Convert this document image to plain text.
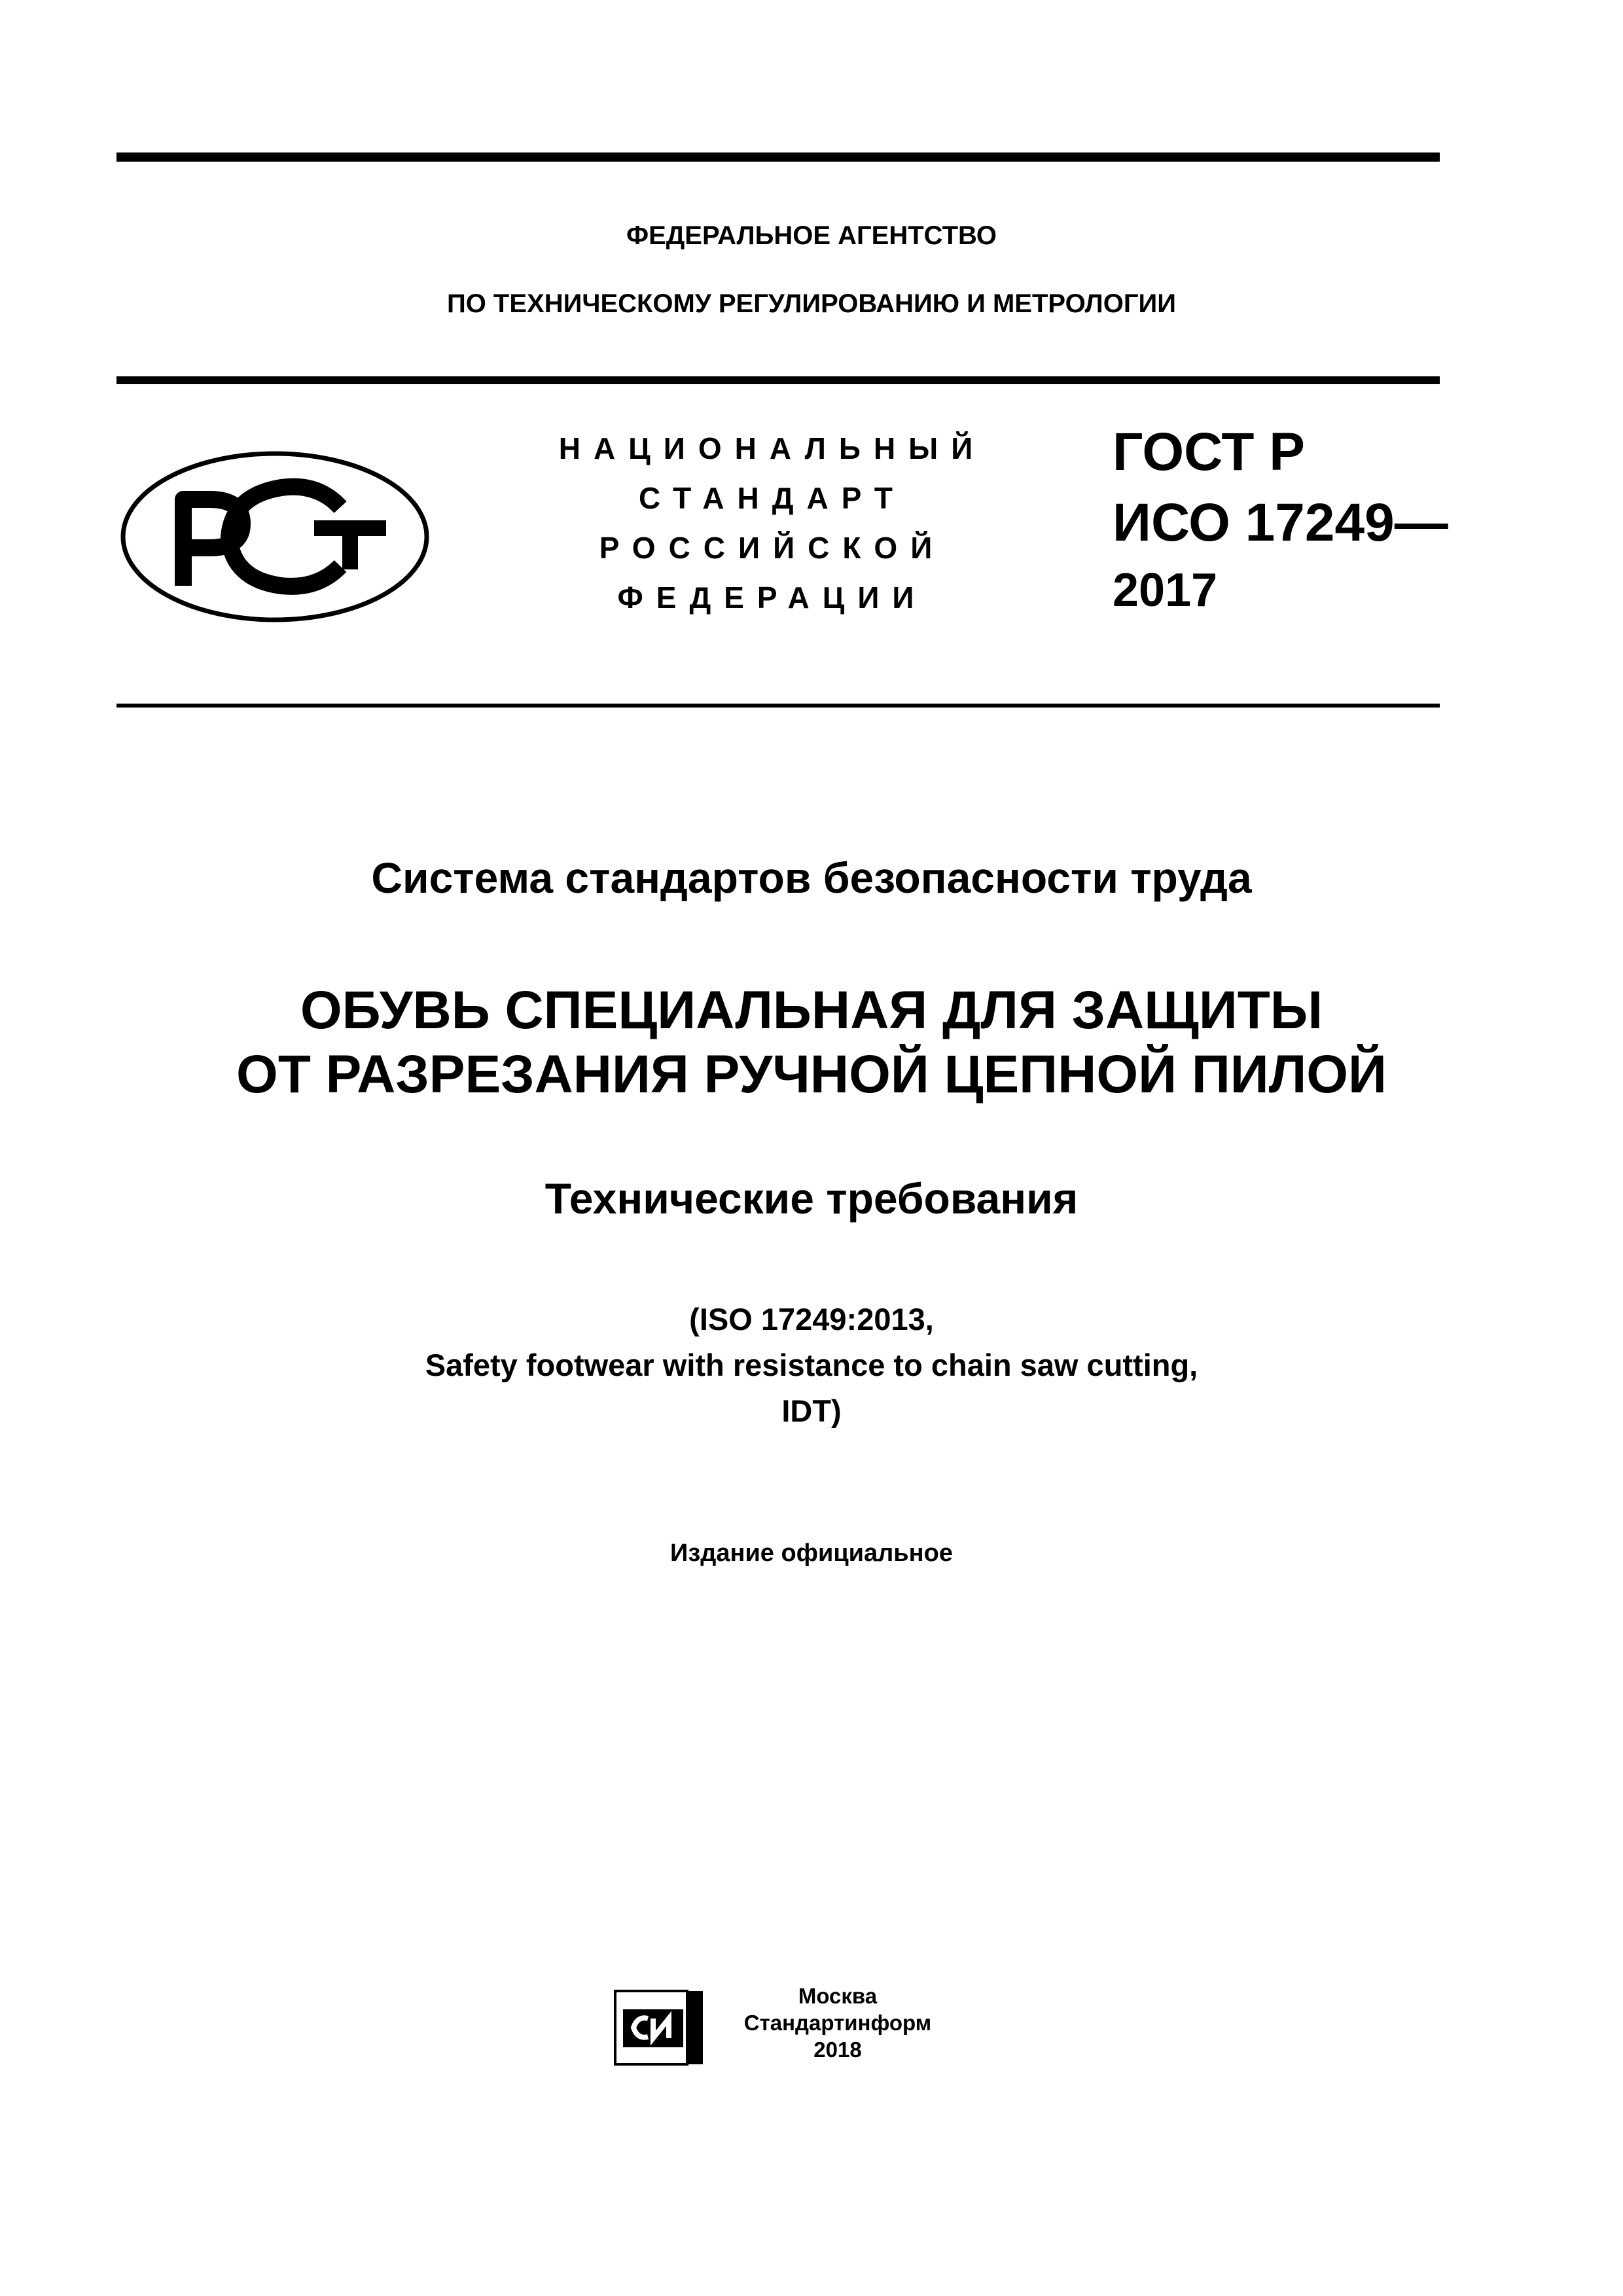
ФЕДЕРАЛЬНОЕ АГЕНТСТВО
ПО ТЕХНИЧЕСКОМУ РЕГУЛИРОВАНИЮ И МЕТРОЛОГИИ
НАЦИОНАЛЬНЫЙ
СТАНДАРТ
РОССИЙСКОЙ
ФЕДЕРАЦИИ
ГОСТ Р
ИСО 17249—
2017
Система стандартов безопасности труда
ОБУВЬ СПЕЦИАЛЬНАЯ ДЛЯ ЗАЩИТЫ
ОТ РАЗРЕЗАНИЯ РУЧНОЙ ЦЕПНОЙ ПИЛОЙ
Технические требования
(ISO 17249:2013,
Safety footwear with resistance to chain saw cutting,
IDT)
Издание официальное
Москва
Стандартинформ
2018
